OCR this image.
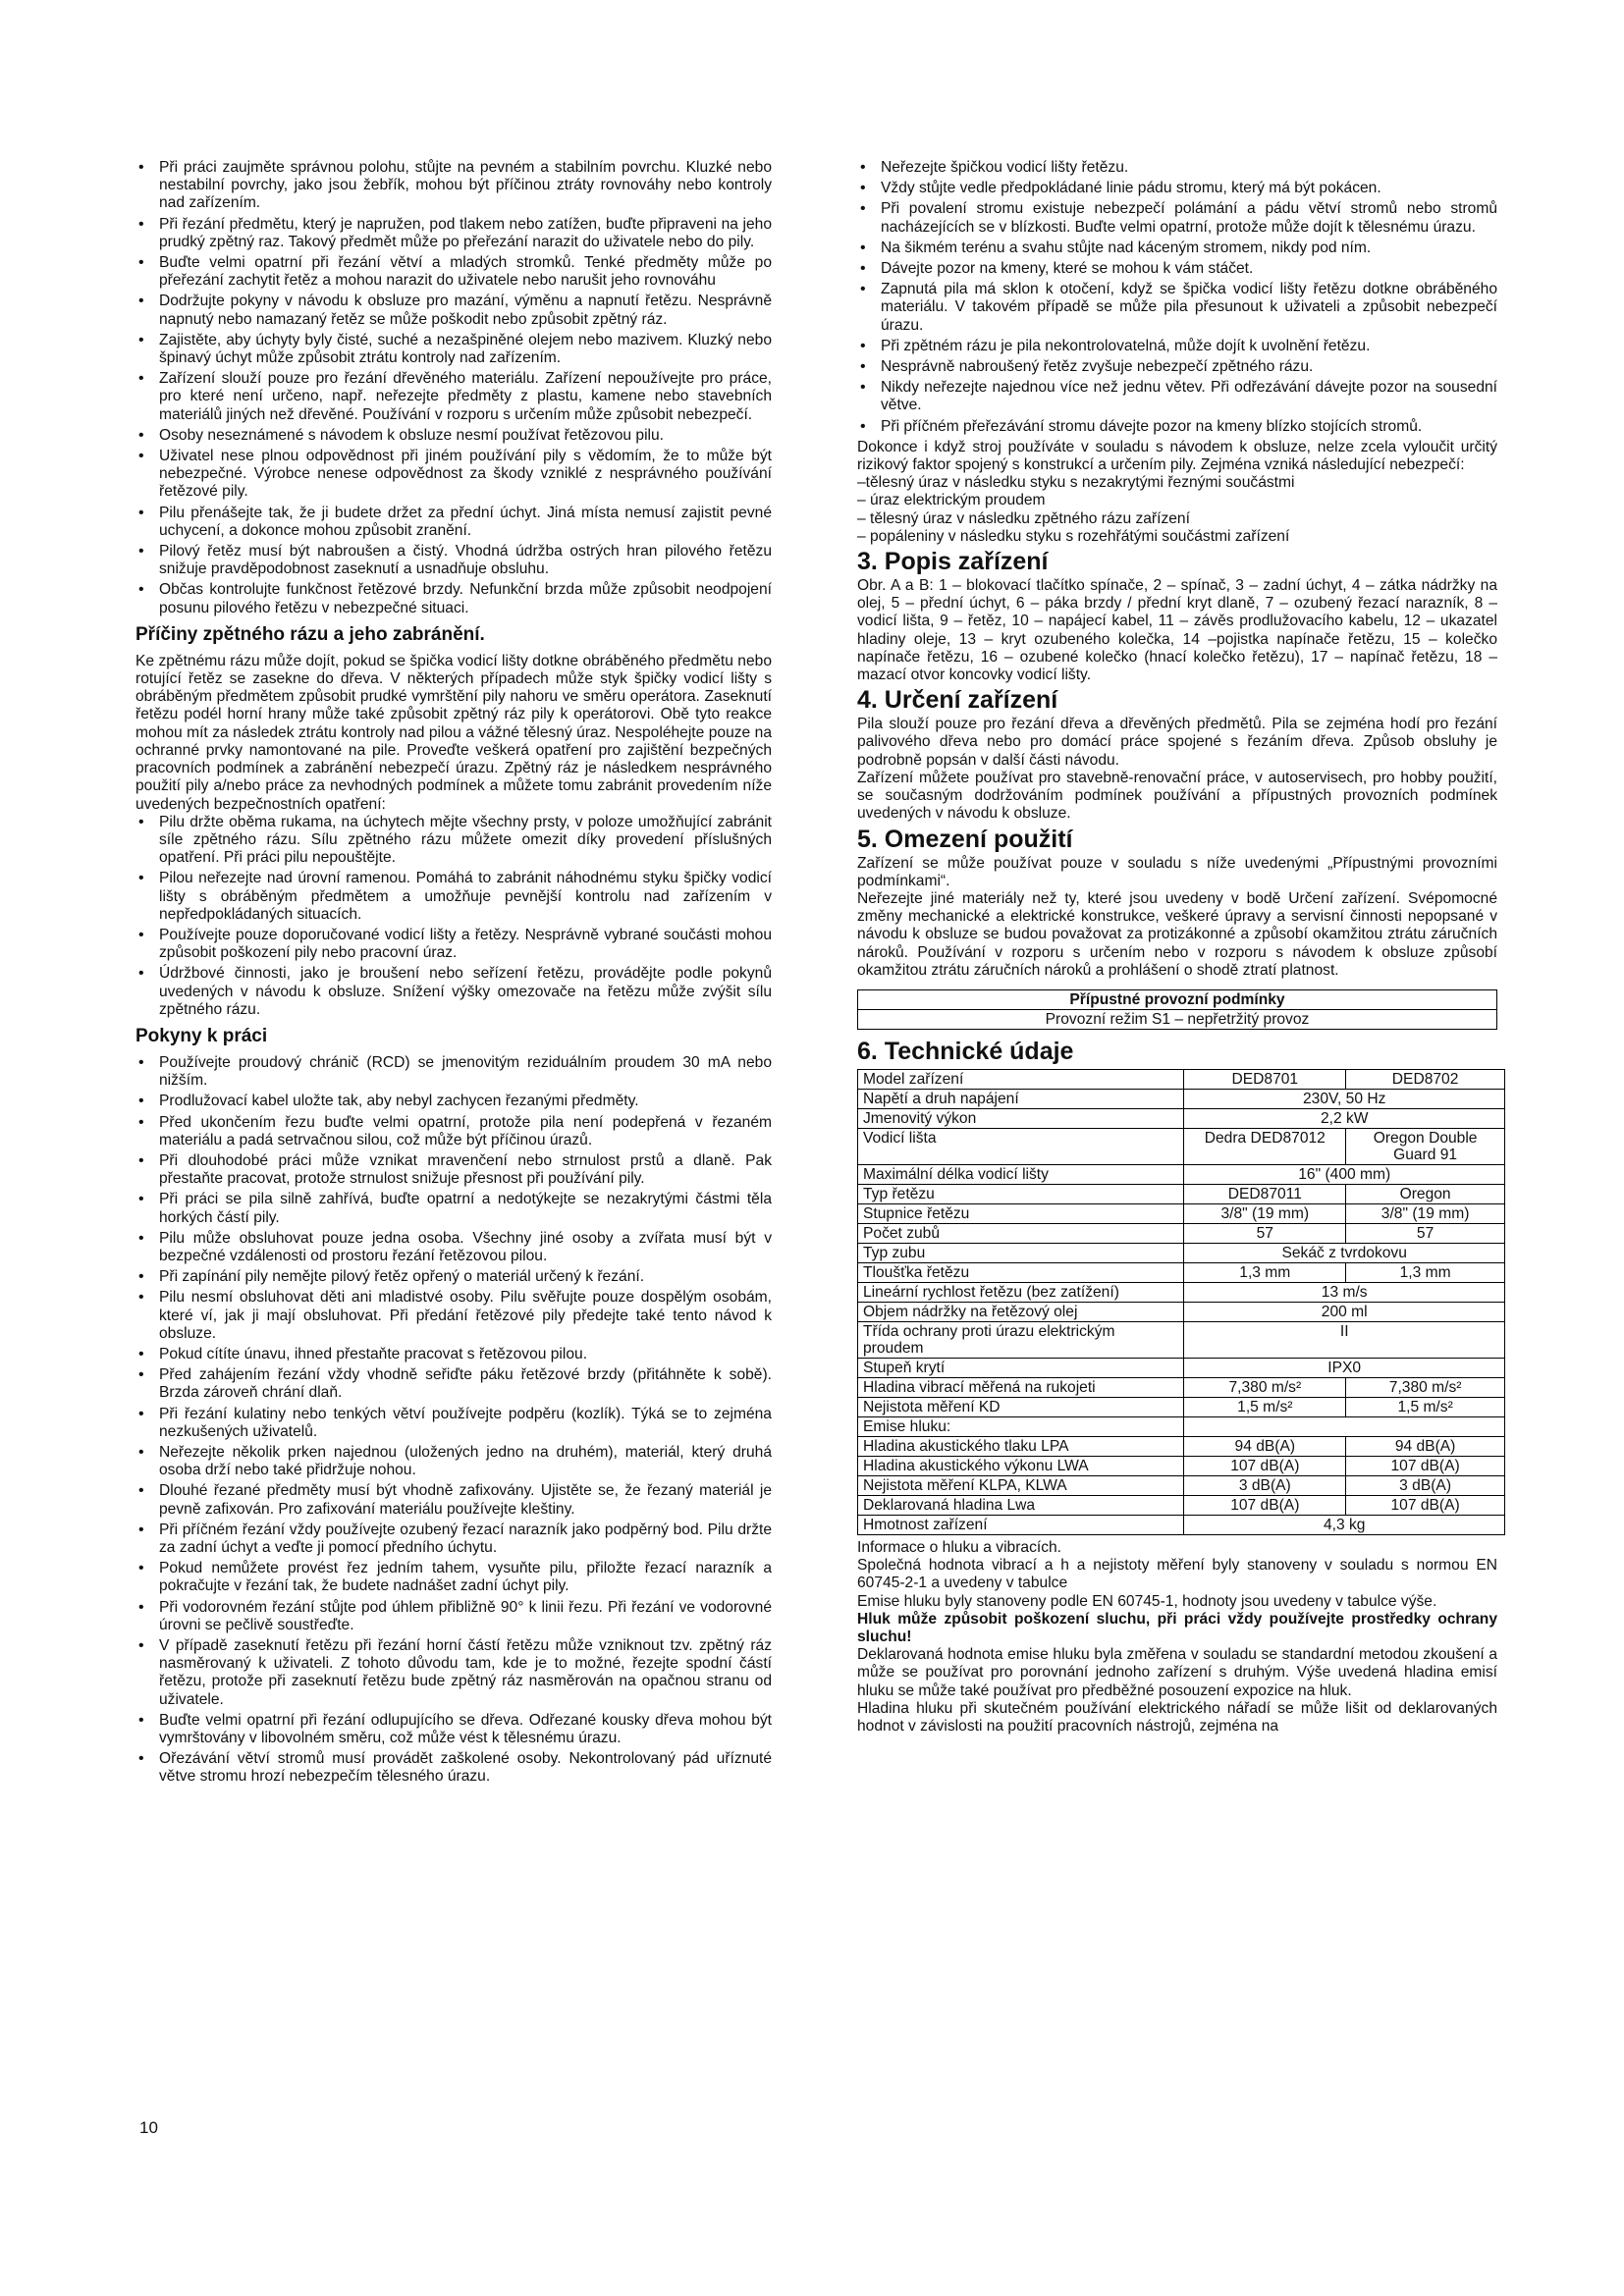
• Při práci zaujměte správnou polohu, stůjte na pevném a stabilním povrchu. Kluzké nebo nestabilní povrchy, jako jsou žebřík, mohou být příčinou ztráty rovnováhy nebo kontroly nad zařízením.
• Při řezání předmětu, který je napružen, pod tlakem nebo zatížen, buďte připraveni na jeho prudký zpětný raz. Takový předmět může po přeřezání narazit do uživatele nebo do pily.
• Buďte velmi opatrní při řezání větví a mladých stromků. Tenké předměty může po přeřezání zachytit řetěz a mohou narazit do uživatele nebo narušit jeho rovnováhu
• Dodržujte pokyny v návodu k obsluze pro mazání, výměnu a napnutí řetězu. Nesprávně napnutý nebo namazaný řetěz se může poškodit nebo způsobit zpětný ráz.
• Zajistěte, aby úchyty byly čisté, suché a nezašpiněné olejem nebo mazivem. Kluzký nebo špinavý úchyt může způsobit ztrátu kontroly nad zařízením.
• Zařízení slouží pouze pro řezání dřevěného materiálu. Zařízení nepoužívejte pro práce, pro které není určeno, např. neřezejte předměty z plastu, kamene nebo stavebních materiálů jiných než dřevěné. Používání v rozporu s určením může způsobit nebezpečí.
• Osoby neseznámené s návodem k obsluze nesmí používat řetězovou pilu.
• Uživatel nese plnou odpovědnost při jiném používání pily s vědomím, že to může být nebezpečné. Výrobce nenese odpovědnost za škody vzniklé z nesprávného používání řetězové pily.
• Pilu přenášejte tak, že ji budete držet za přední úchyt. Jiná místa nemusí zajistit pevné uchycení, a dokonce mohou způsobit zranění.
• Pilový řetěz musí být nabroušen a čistý. Vhodná údržba ostrých hran pilového řetězu snižuje pravděpodobnost zaseknutí a usnadňuje obsluhu.
• Občas kontrolujte funkčnost řetězové brzdy. Nefunkční brzda může způsobit neodpojení posunu pilového řetězu v nebezpečné situaci.
Příčiny zpětného rázu a jeho zabránění.

Ke zpětnému rázu může dojít, pokud se špička vodicí lišty dotkne obráběného předmětu nebo rotující řetěz se zasekne do dřeva. V některých případech může styk špičky vodicí lišty s obráběným předmětem způsobit prudké vymrštění pily nahoru ve směru operátora. Zaseknutí řetězu podél horní hrany může také způsobit zpětný ráz pily k operátorovi. Obě tyto reakce mohou mít za následek ztrátu kontroly nad pilou a vážné tělesný úraz. Nespoléhejte pouze na ochranné prvky namontované na pile. Proveďte veškerá opatření pro zajištění bezpečných pracovních podmínek a zabránění nebezpečí úrazu. Zpětný ráz je následkem nesprávného použití pily a/nebo práce za nevhodných podmínek a můžete tomu zabránit provedením níže uvedených bezpečnostních opatření:

• Pilu držte oběma rukama, na úchytech mějte všechny prsty, v poloze umožňující zabránit síle zpětného rázu. Sílu zpětného rázu můžete omezit díky provedení příslušných opatření. Při práci pilu nepouštějte.
• Pilou neřezejte nad úrovní ramenou. Pomáhá to zabránit náhodnému styku špičky vodicí lišty s obráběným předmětem a umožňuje pevnější kontrolu nad zařízením v nepředpokládaných situacích.
• Používejte pouze doporučované vodicí lišty a řetězy. Nesprávně vybrané součásti mohou způsobit poškození pily nebo pracovní úraz.
• Údržbové činnosti, jako je broušení nebo seřízení řetězu, provádějte podle pokynů uvedených v návodu k obsluze. Snížení výšky omezovače na řetězu může zvýšit sílu zpětného rázu.
Pokyny k práci
• Používejte proudový chránič (RCD) se jmenovitým reziduálním proudem 30 mA nebo nižším.
• Prodlužovací kabel uložte tak, aby nebyl zachycen řezanými předměty.
• Před ukončením řezu buďte velmi opatrní, protože pila není podepřená v řezaném materiálu a padá setrvačnou silou, což může být příčinou úrazů.
• Při dlouhodobé práci může vznikat mravenčení nebo strnulost prstů a dlaně. Pak přestaňte pracovat, protože strnulost snižuje přesnost při používání pily.
• Při práci se pila silně zahřívá, buďte opatrní a nedotýkejte se nezakrytými částmi těla horkých částí pily.
• Pilu může obsluhovat pouze jedna osoba. Všechny jiné osoby a zvířata musí být v bezpečné vzdálenosti od prostoru řezání řetězovou pilou.
• Při zapínání pily nemějte pilový řetěz opřený o materiál určený k řezání.
• Pilu nesmí obsluhovat děti ani mladistvé osoby. Pilu svěřujte pouze dospělým osobám, které ví, jak ji mají obsluhovat. Při předání řetězové pily předejte také tento návod k obsluze.
• Pokud cítíte únavu, ihned přestaňte pracovat s řetězovou pilou.
• Před zahájením řezání vždy vhodně seřiďte páku řetězové brzdy (přitáhněte k sobě). Brzda zároveň chrání dlaň.
• Při řezání kulatiny nebo tenkých větví používejte podpěru (kozlík). Týká se to zejména nezkušených uživatelů.
• Neřezejte několik prken najednou (uložených jedno na druhém), materiál, který druhá osoba drží nebo také přidržuje nohou.
• Dlouhé řezané předměty musí být vhodně zafixovány. Ujistěte se, že řezaný materiál je pevně zafixován. Pro zafixování materiálu používejte kleštiny.
• Při příčném řezání vždy používejte ozubený řezací narazník jako podpěrný bod. Pilu držte za zadní úchyt a veďte ji pomocí předního úchytu.
• Pokud nemůžete provést řez jedním tahem, vysuňte pilu, přiložte řezací narazník a pokračujte v řezání tak, že budete nadnášet zadní úchyt pily.
• Při vodorovném řezání stůjte pod úhlem přibližně 90° k linii řezu. Při řezání ve vodorovné úrovni se pečlivě soustřeďte.
• V případě zaseknutí řetězu při řezání horní částí řetězu může vzniknout tzv. zpětný ráz nasměrovaný k uživateli. Z tohoto důvodu tam, kde je to možné, řezejte spodní částí řetězu, protože při zaseknutí řetězu bude zpětný ráz nasměrován na opačnou stranu od uživatele.
• Buďte velmi opatrní při řezání odlupujícího se dřeva. Odřezané kousky dřeva mohou být vymrštovány v libovolném směru, což může vést k tělesnému úrazu.
• Ořezávání větví stromů musí provádět zaškolené osoby. Nekontrolovaný pád uříznuté větve stromu hrozí nebezpečím tělesného úrazu.
• Neřezejte špičkou vodicí lišty řetězu.
• Vždy stůjte vedle předpokládané linie pádu stromu, který má být pokácen.
• Při povalení stromu existuje nebezpečí polámání a pádu větví stromů nebo stromů nacházejících se v blízkosti. Buďte velmi opatrní, protože může dojít k tělesnému úrazu.
• Na šikmém terénu a svahu stůjte nad káceným stromem, nikdy pod ním.
• Dávejte pozor na kmeny, které se mohou k vám stáčet.
• Zapnutá pila má sklon k otočení, když se špička vodicí lišty řetězu dotkne obráběného materiálu. V takovém případě se může pila přesunout k uživateli a způsobit nebezpečí úrazu.
• Při zpětném rázu je pila nekontrolovatelná, může dojít k uvolnění řetězu.
• Nesprávně nabroušený řetěz zvyšuje nebezpečí zpětného rázu.
• Nikdy neřezejte najednou více než jednu větev. Při odřezávání dávejte pozor na sousední větve.
• Při příčném přeřezávání stromu dávejte pozor na kmeny blízko stojících stromů.

Dokonce i když stroj používáte v souladu s návodem k obsluze, nelze zcela vyloučit určitý rizikový faktor spojený s konstrukcí a určením pily. Zejména vzniká následující nebezpečí:

–tělesný úraz v následku styku s nezakrytými řeznými součástmi
– úraz elektrickým proudem
– tělesný úraz v následku zpětného rázu zařízení
– popáleniny v následku styku s rozehřátými součástmi zařízení
3. Popis zařízení

Obr. A a B: 1 – blokovací tlačítko spínače, 2 – spínač, 3 – zadní úchyt, 4 – zátka nádržky na olej, 5 – přední úchyt, 6 – páka brzdy / přední kryt dlaně, 7 – ozubený řezací narazník, 8 – vodicí lišta, 9 – řetěz, 10 – napájecí kabel, 11 – závěs prodlužovacího kabelu, 12 – ukazatel hladiny oleje, 13 – kryt ozubeného kolečka, 14 –pojistka napínače řetězu, 15 – kolečko napínače řetězu, 16 – ozubené kolečko (hnací kolečko řetězu), 17 – napínač řetězu, 18 – mazací otvor koncovky vodicí lišty.

4. Určení zařízení

Pila slouží pouze pro řezání dřeva a dřevěných předmětů. Pila se zejména hodí pro řezání palivového dřeva nebo pro domácí práce spojené s řezáním dřeva. Způsob obsluhy je podrobně popsán v další části návodu.

Zařízení můžete používat pro stavebně-renovační práce, v autoservisech, pro hobby použití, se současným dodržováním podmínek používání a přípustných provozních podmínek uvedených v návodu k obsluze.

5. Omezení použití

Zařízení se může používat pouze v souladu s níže uvedenými „Přípustnými provozními podmínkami“.

Neřezejte jiné materiály než ty, které jsou uvedeny v bodě Určení zařízení. Svépomocné změny mechanické a elektrické konstrukce, veškeré úpravy a servisní činnosti nepopsané v návodu k obsluze se budou považovat za protizákonné a způsobí okamžitou ztrátu záručních nároků. Používání v rozporu s určením nebo v rozporu s návodem k obsluze způsobí okamžitou ztrátu záručních nároků a prohlášení o shodě ztratí platnost.

Přípustné provozní podmínky
Provozní režim S1 – nepřetržitý provoz
6. Technické údaje
Model zařízení	DED8701	DED8702
Napětí a druh napájení	230V, 50 Hz	
Jmenovitý výkon	2,2 kW	
Vodicí lišta	Dedra DED87012	Oregon Double Guard 91
Maximální délka vodicí lišty	16" (400 mm)	
Typ řetězu	DED87011	Oregon
Stupnice řetězu	3/8" (19 mm)	3/8" (19 mm)
Počet zubů	57	57
Typ zubu	Sekáč z tvrdokovu	
Tloušťka řetězu	1,3 mm	1,3 mm
Lineární rychlost řetězu (bez zatížení)	13 m/s	
Objem nádržky na řetězový olej	200 ml	
Třída ochrany proti úrazu elektrickým proudem	II	
Stupeň krytí	IPX0	
Hladina vibrací měřená na rukojeti	7,380 m/s²	7,380 m/s²
Nejistota měření KD	1,5 m/s²	1,5 m/s²
Emise hluku:		
Hladina akustického tlaku LPA	94 dB(A)	94 dB(A)
Hladina akustického výkonu LWA	107 dB(A)	107 dB(A)
Nejistota měření KLPA, KLWA	3 dB(A)	3 dB(A)
Deklarovaná hladina Lwa	107 dB(A)	107 dB(A)
Hmotnost zařízení	4,3 kg	

Informace o hluku a vibracích.

Společná hodnota vibrací a h a nejistoty měření byly stanoveny v souladu s normou EN 60745-2-1 a uvedeny v tabulce

Emise hluku byly stanoveny podle EN 60745-1, hodnoty jsou uvedeny v tabulce výše.

Hluk může způsobit poškození sluchu, při práci vždy používejte prostředky ochrany sluchu!

Deklarovaná hodnota emise hluku byla změřena v souladu se standardní metodou zkoušení a může se používat pro porovnání jednoho zařízení s druhým. Výše uvedená hladina emisí hluku se může také používat pro předběžné posouzení expozice na hluk.

Hladina hluku při skutečném používání elektrického nářadí se může lišit od deklarovaných hodnot v závislosti na použití pracovních nástrojů, zejména na

10
